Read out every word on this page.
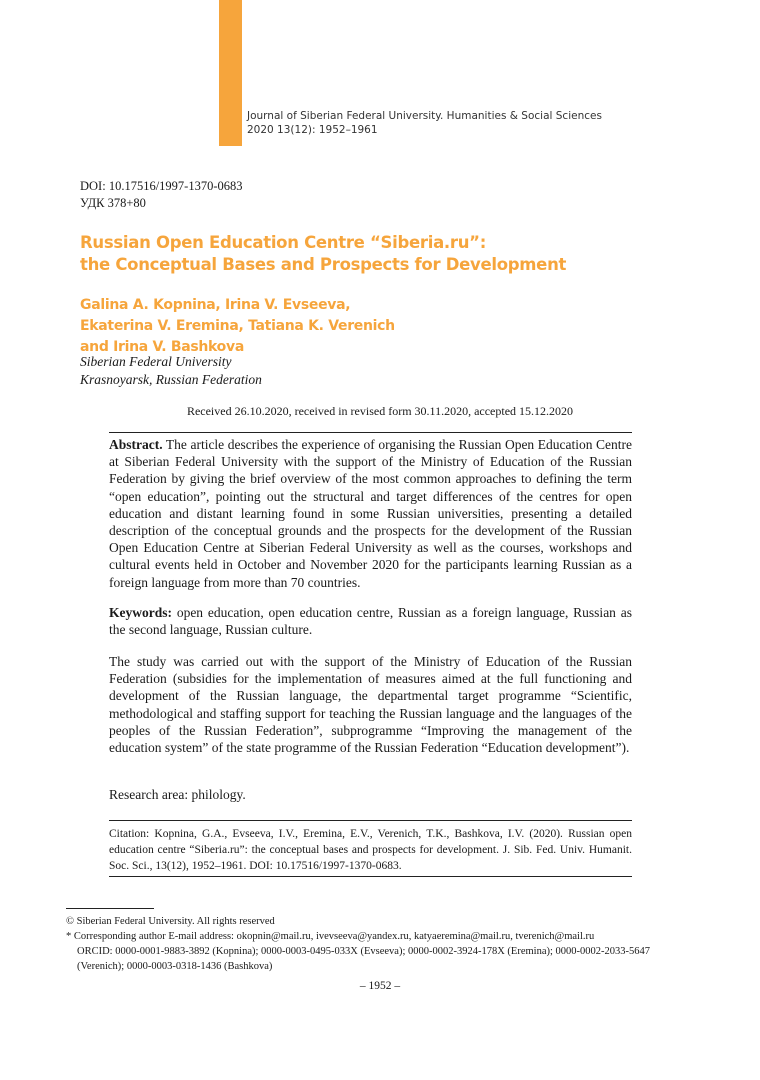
Journal of Siberian Federal University. Humanities & Social Sciences
2020 13(12): 1952–1961
DOI: 10.17516/1997-1370-0683
УДК 378+80
Russian Open Education Centre “Siberia.ru”:
the Conceptual Bases and Prospects for Development
Galina A. Kopnina, Irina V. Evseeva,
Ekaterina V. Eremina, Tatiana K. Verenich
and Irina V. Bashkova
Siberian Federal University
Krasnoyarsk, Russian Federation
Received 26.10.2020, received in revised form 30.11.2020, accepted 15.12.2020
Abstract. The article describes the experience of organising the Russian Open Education Centre at Siberian Federal University with the support of the Ministry of Education of the Russian Federation by giving the brief overview of the most common approaches to defining the term “open education”, pointing out the structural and target differences of the centres for open education and distant learning found in some Russian universities, presenting a detailed description of the conceptual grounds and the prospects for the development of the Russian Open Education Centre at Siberian Federal University as well as the courses, workshops and cultural events held in October and November 2020 for the participants learning Russian as a foreign language from more than 70 countries.
Keywords: open education, open education centre, Russian as a foreign language, Russian as the second language, Russian culture.
The study was carried out with the support of the Ministry of Education of the Russian Federation (subsidies for the implementation of measures aimed at the full functioning and development of the Russian language, the departmental target programme “Scientific, methodological and staffing support for teaching the Russian language and the languages of the peoples of the Russian Federation”, subprogramme “Improving the management of the education system” of the state programme of the Russian Federation “Education development”).
Research area: philology.
Citation: Kopnina, G.A., Evseeva, I.V., Eremina, E.V., Verenich, T.K., Bashkova, I.V. (2020). Russian open education centre “Siberia.ru”: the conceptual bases and prospects for development. J. Sib. Fed. Univ. Humanit. Soc. Sci., 13(12), 1952–1961. DOI: 10.17516/1997-1370-0683.
© Siberian Federal University. All rights reserved
* Corresponding author E-mail address: okopnin@mail.ru, ivevseeva@yandex.ru, katyaeremina@mail.ru, tverenich@mail.ru
ORCID: 0000-0001-9883-3892 (Kopnina); 0000-0003-0495-033X (Evseeva); 0000-0002-3924-178X (Eremina); 0000-0002-2033-5647 (Verenich); 0000-0003-0318-1436 (Bashkova)
– 1952 –
